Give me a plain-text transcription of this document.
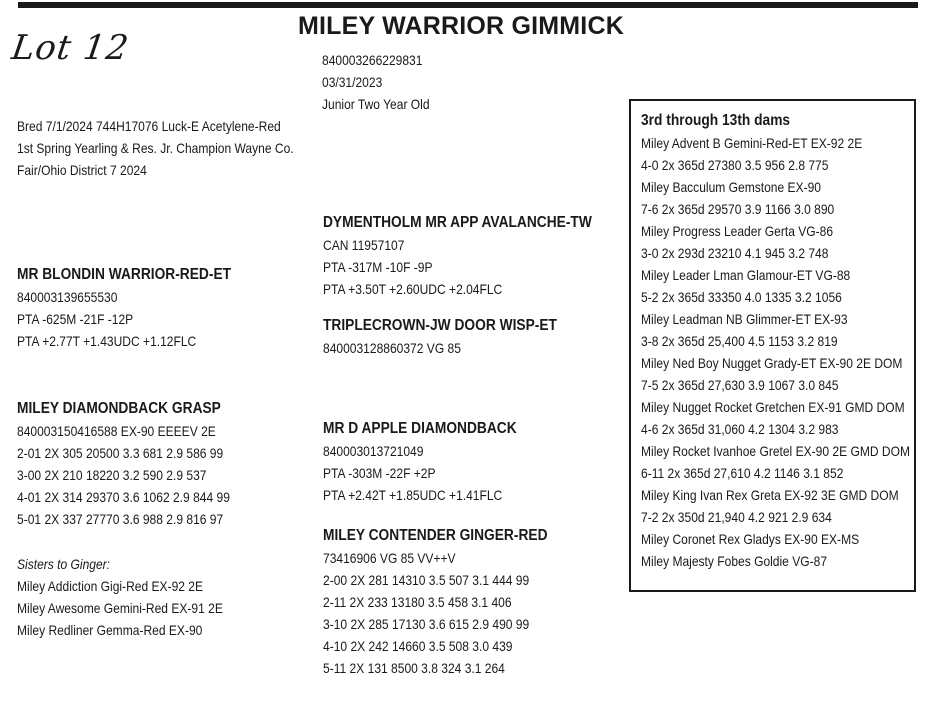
Lot 12
MILEY WARRIOR GIMMICK
840003266229831
03/31/2023
Junior Two Year Old
Bred 7/1/2024 744H17076 Luck-E Acetylene-Red
1st Spring Yearling & Res. Jr. Champion Wayne Co.
Fair/Ohio District 7 2024
MR BLONDIN WARRIOR-RED-ET
840003139655530
PTA -625M -21F -12P
PTA +2.77T +1.43UDC +1.12FLC
MILEY DIAMONDBACK GRASP
840003150416588 EX-90 EEEEV 2E
2-01 2X 305 20500 3.3 681 2.9 586 99
3-00 2X 210 18220 3.2 590 2.9 537
4-01 2X 314 29370 3.6 1062 2.9 844 99
5-01 2X 337 27770 3.6 988 2.9 816 97
Sisters to Ginger:
Miley Addiction Gigi-Red EX-92 2E
Miley Awesome Gemini-Red EX-91 2E
Miley Redliner Gemma-Red EX-90
DYMENTHOLM MR APP AVALANCHE-TW
CAN 11957107
PTA -317M -10F -9P
PTA +3.50T +2.60UDC +2.04FLC
TRIPLECROWN-JW DOOR WISP-ET
840003128860372 VG 85
MR D APPLE DIAMONDBACK
840003013721049
PTA -303M -22F +2P
PTA +2.42T +1.85UDC +1.41FLC
MILEY CONTENDER GINGER-RED
73416906 VG 85 VV++V
2-00 2X 281 14310 3.5 507 3.1 444 99
2-11 2X 233 13180 3.5 458 3.1 406
3-10 2X 285 17130 3.6 615 2.9 490 99
4-10 2X 242 14660 3.5 508 3.0 439
5-11 2X 131 8500 3.8 324 3.1 264
3rd through 13th dams
Miley Advent B Gemini-Red-ET EX-92 2E
4-0 2x 365d 27380 3.5 956 2.8 775
Miley Bacculum Gemstone EX-90
7-6 2x 365d 29570 3.9 1166 3.0 890
Miley Progress Leader Gerta VG-86
3-0 2x 293d 23210 4.1 945 3.2 748
Miley Leader Lman Glamour-ET VG-88
5-2 2x 365d 33350 4.0 1335 3.2 1056
Miley Leadman NB Glimmer-ET EX-93
3-8 2x 365d 25,400 4.5 1153 3.2 819
Miley Ned Boy Nugget Grady-ET EX-90 2E DOM
7-5 2x 365d 27,630 3.9 1067 3.0 845
Miley Nugget Rocket Gretchen EX-91 GMD DOM
4-6 2x 365d 31,060 4.2 1304 3.2 983
Miley Rocket Ivanhoe Gretel EX-90 2E GMD DOM
6-11 2x 365d 27,610 4.2 1146 3.1 852
Miley King Ivan Rex Greta EX-92 3E GMD DOM
7-2 2x 350d 21,940 4.2 921 2.9 634
Miley Coronet Rex Gladys EX-90 EX-MS
Miley Majesty Fobes Goldie VG-87
